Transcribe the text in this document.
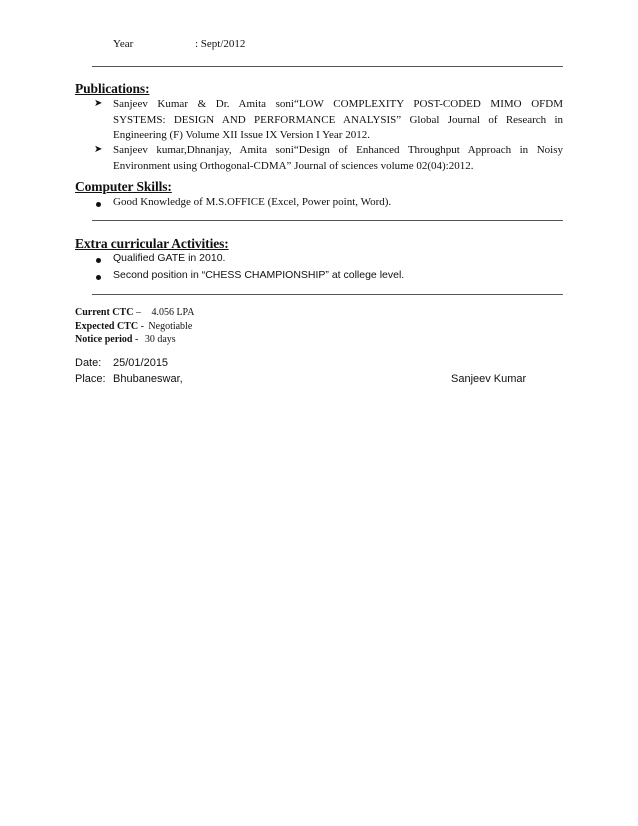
Year	: Sept/2012
Publications:
➤ Sanjeev Kumar & Dr. Amita soni“LOW COMPLEXITY POST-CODED MIMO OFDM
SYSTEMS: DESIGN AND PERFORMANCE ANALYSIS” Global Journal of Research in
Engineering (F) Volume XII Issue IX Version I Year 2012.
➤ Sanjeev kumar,Dhnanjay, Amita soni“Design of Enhanced Throughput Approach in Noisy
Environment using Orthogonal-CDMA” Journal of sciences volume 02(04):2012.
Computer Skills:
Good Knowledge of M.S.OFFICE (Excel, Power point, Word).
Extra curricular Activities:
Qualified GATE in 2010.
Second position in “CHESS CHAMPIONSHIP” at college level.
Current CTC – 4.056 LPA
Expected CTC - Negotiable
Notice period - 30 days
Date: 25/01/2015
Place: Bhubaneswar,	Sanjeev Kumar
